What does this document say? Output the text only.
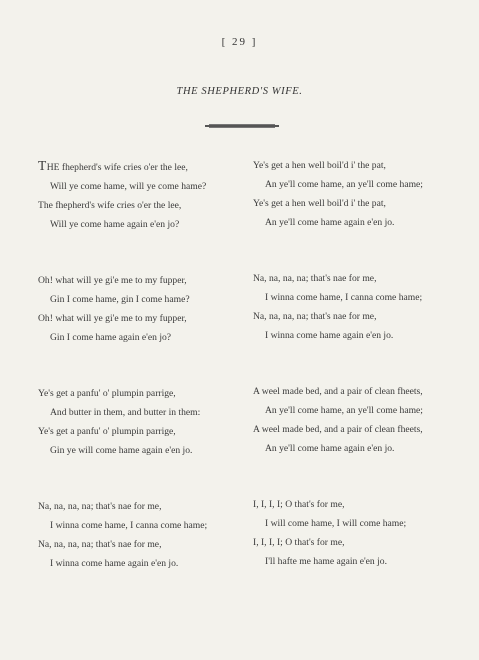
[ 29 ]
THE SHEPHERD'S WIFE.
THE fhepherd's wife cries o'er the lee,
Will ye come hame, will ye come hame?
The fhepherd's wife cries o'er the lee,
Will ye come hame again e'en jo?
Oh! what will ye gi'e me to my fupper,
Gin I come hame, gin I come hame?
Oh! what will ye gi'e me to my fupper,
Gin I come hame again e'en jo?
Ye's get a panfu' o' plumpin parrige,
And butter in them, and butter in them:
Ye's get a panfu' o' plumpin parrige,
Gin ye will come hame again e'en jo.
Na, na, na, na; that's nae for me,
I winna come hame, I canna come hame;
Na, na, na, na; that's nae for me,
I winna come hame again e'en jo.
Ye's get a hen well boil'd i' the pat,
An ye'll come hame, an ye'll come hame;
Ye's get a hen well boil'd i' the pat,
An ye'll come hame again e'en jo.
Na, na, na, na; that's nae for me,
I winna come hame, I canna come hame;
Na, na, na, na; that's nae for me,
I winna come hame again e'en jo.
A weel made bed, and a pair of clean fheets,
An ye'll come hame, an ye'll come hame;
A weel made bed, and a pair of clean fheets,
An ye'll come hame again e'en jo.
I, I, I, I; O that's for me,
I will come hame, I will come hame;
I, I, I, I; O that's for me,
I'll hafte me hame again e'en jo.
